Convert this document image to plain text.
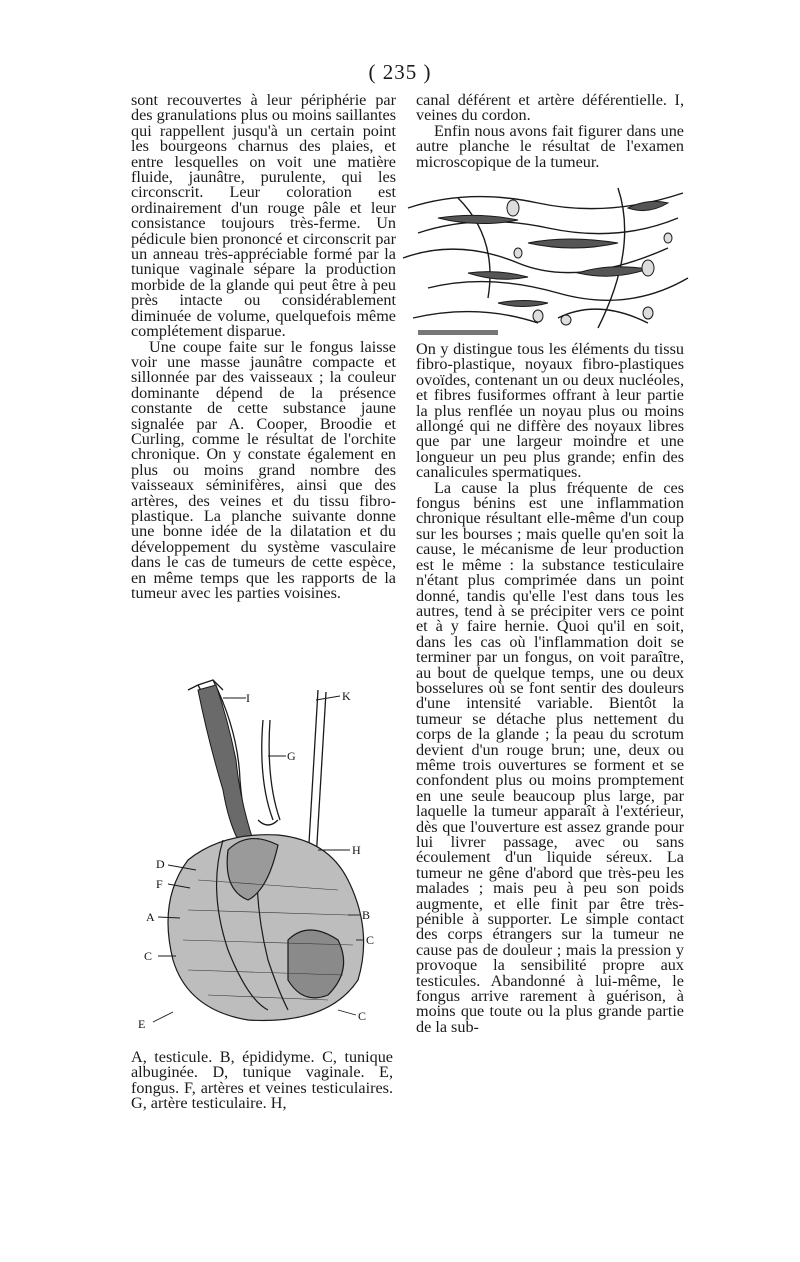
( 235 )

sont recouvertes à leur périphérie par des granulations plus ou moins saillantes qui rappellent jusqu'à un certain point les bourgeons charnus des plaies, et entre lesquelles on voit une matière fluide, jaunâtre, purulente, qui les circonscrit. Leur coloration est ordinairement d'un rouge pâle et leur consistance toujours très-ferme. Un pédicule bien prononcé et circonscrit par un anneau très-appréciable formé par la tunique vaginale sépare la production morbide de la glande qui peut être à peu près intacte ou considérablement diminuée de volume, quelquefois même complétement disparue.

Une coupe faite sur le fongus laisse voir une masse jaunâtre compacte et sillonnée par des vaisseaux ; la couleur dominante dépend de la présence constante de cette substance jaune signalée par A. Cooper, Broodie et Curling, comme le résultat de l'orchite chronique. On y constate également en plus ou moins grand nombre des vaisseaux séminifères, ainsi que des artères, des veines et du tissu fibro-plastique. La planche suivante donne une bonne idée de la dilatation et du développement du système vasculaire dans le cas de tumeurs de cette espèce, en même temps que les rapports de la tumeur avec les parties voisines.

canal déférent et artère déférentielle. I, veines du cordon.

Enfin nous avons fait figurer dans une autre planche le résultat de l'examen microscopique de la tumeur.

On y distingue tous les éléments du tissu fibro-plastique, noyaux fibro-plastiques ovoïdes, contenant un ou deux nucléoles, et fibres fusiformes offrant à leur partie la plus renflée un noyau plus ou moins allongé qui ne diffère des noyaux libres que par une largeur moindre et une longueur un peu plus grande; enfin des canalicules spermatiques.

La cause la plus fréquente de ces fongus bénins est une inflammation chronique résultant elle-même d'un coup sur les bourses ; mais quelle qu'en soit la cause, le mécanisme de leur production est le même : la substance testiculaire n'étant plus comprimée dans un point donné, tandis qu'elle l'est dans tous les autres, tend à se précipiter vers ce point et à y faire hernie. Quoi qu'il en soit, dans les cas où l'inflammation doit se terminer par un fongus, on voit paraître, au bout de quelque temps, une ou deux bosselures où se font sentir des douleurs d'une intensité variable. Bientôt la tumeur se détache plus nettement du corps de la glande ; la peau du scrotum devient d'un rouge brun; une, deux ou même trois ouvertures se forment et se confondent plus ou moins promptement en une seule beaucoup plus large, par laquelle la tumeur apparaît à l'extérieur, dès que l'ouverture est assez grande pour lui livrer passage, avec ou sans écoulement d'un liquide séreux. La tumeur ne gêne d'abord que très-peu les malades ; mais peu à peu son poids augmente, et elle finit par être très-pénible à supporter. Le simple contact des corps étrangers sur la tumeur ne cause pas de douleur ; mais la pression y provoque la sensibilité propre aux testicules. Abandonné à lui-même, le fongus arrive rarement à guérison, à moins que toute ou la plus grande partie de la sub-

I	K
G
H
D
F
A	B
C
C
C
E
A, testicule. B, épididyme. C, tunique albuginée. D, tunique vaginale. E, fongus. F, artères et veines testiculaires. G, artère testiculaire. H,
